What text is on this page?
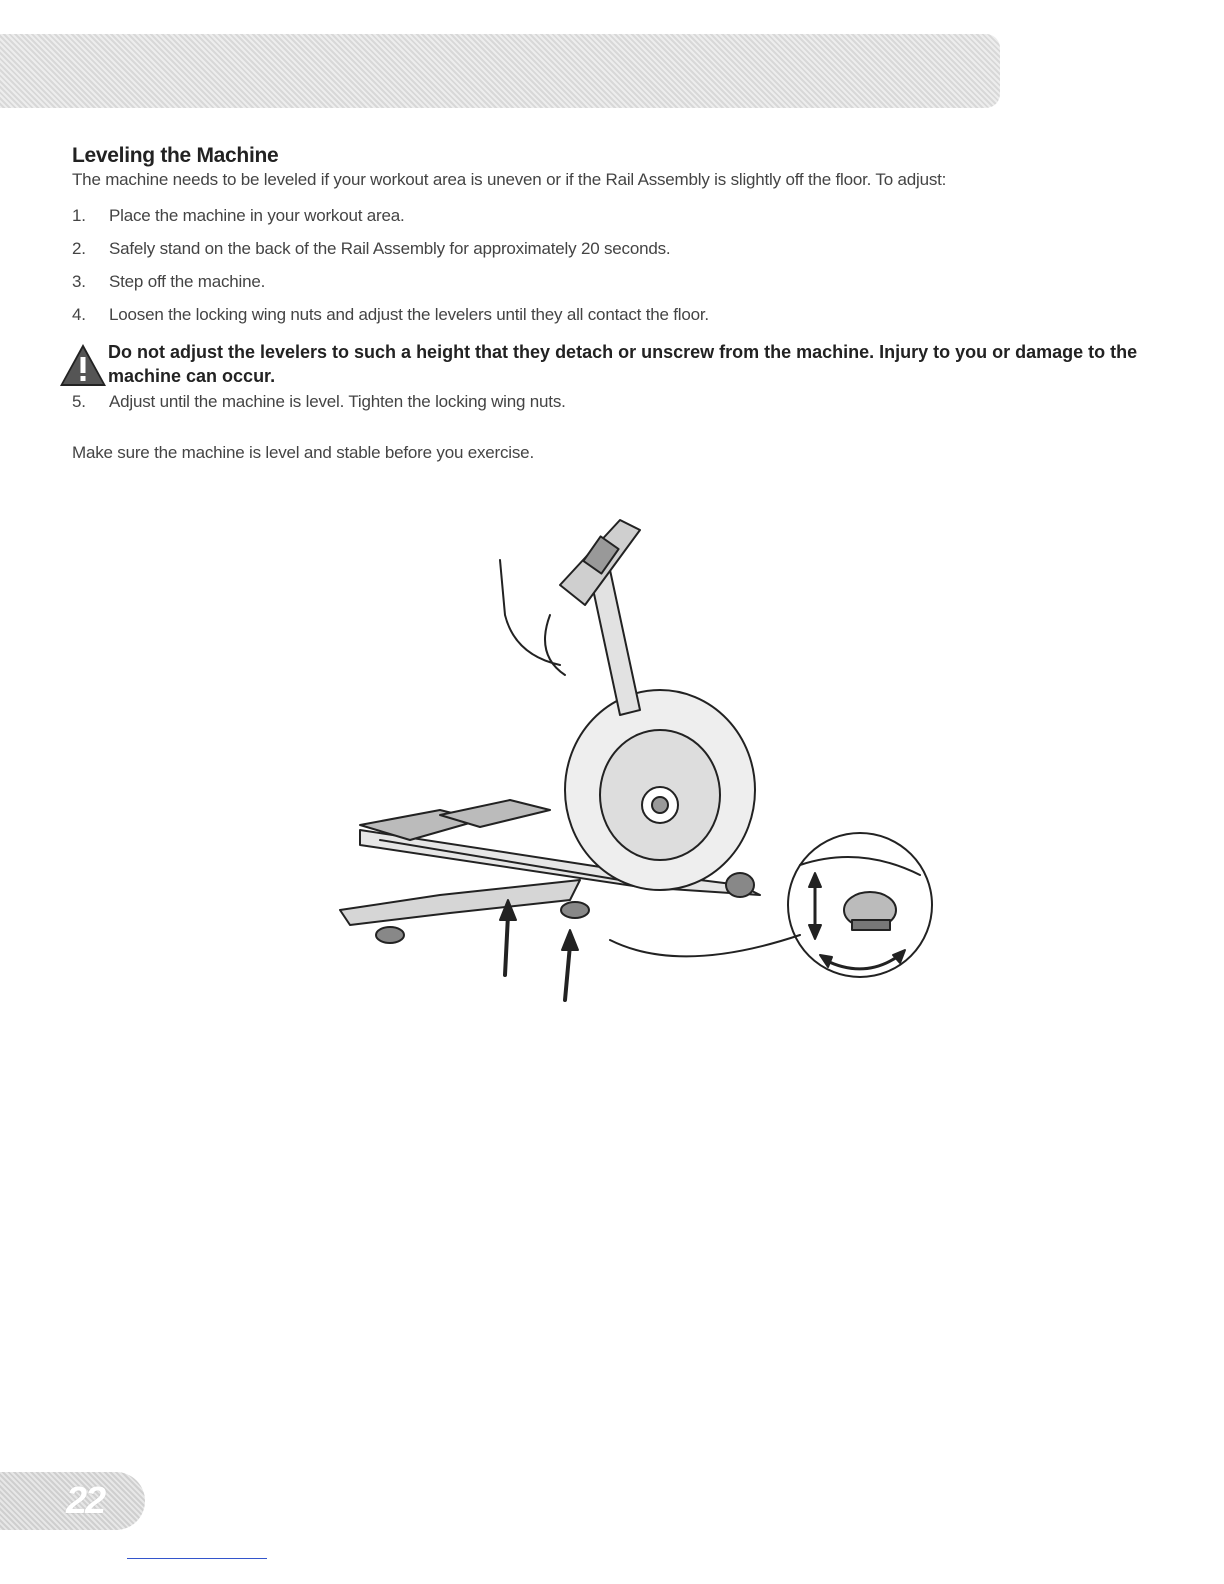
Leveling the Machine

The machine needs to be leveled if your workout area is uneven or if the Rail Assembly is slightly off the floor. To adjust:

1.	Place the machine in your workout area.
2.	Safely stand on the back of the Rail Assembly for approximately 20 seconds.
3.	Step off the machine.
4.	Loosen the locking wing nuts and adjust the levelers until they all contact the floor.
Do not adjust the levelers to such a height that they detach or unscrew from the machine. Injury to you or damage to the machine can occur.
5.	Adjust until the machine is level. Tighten the locking wing nuts.

Make sure the machine is level and stable before you exercise.

22
